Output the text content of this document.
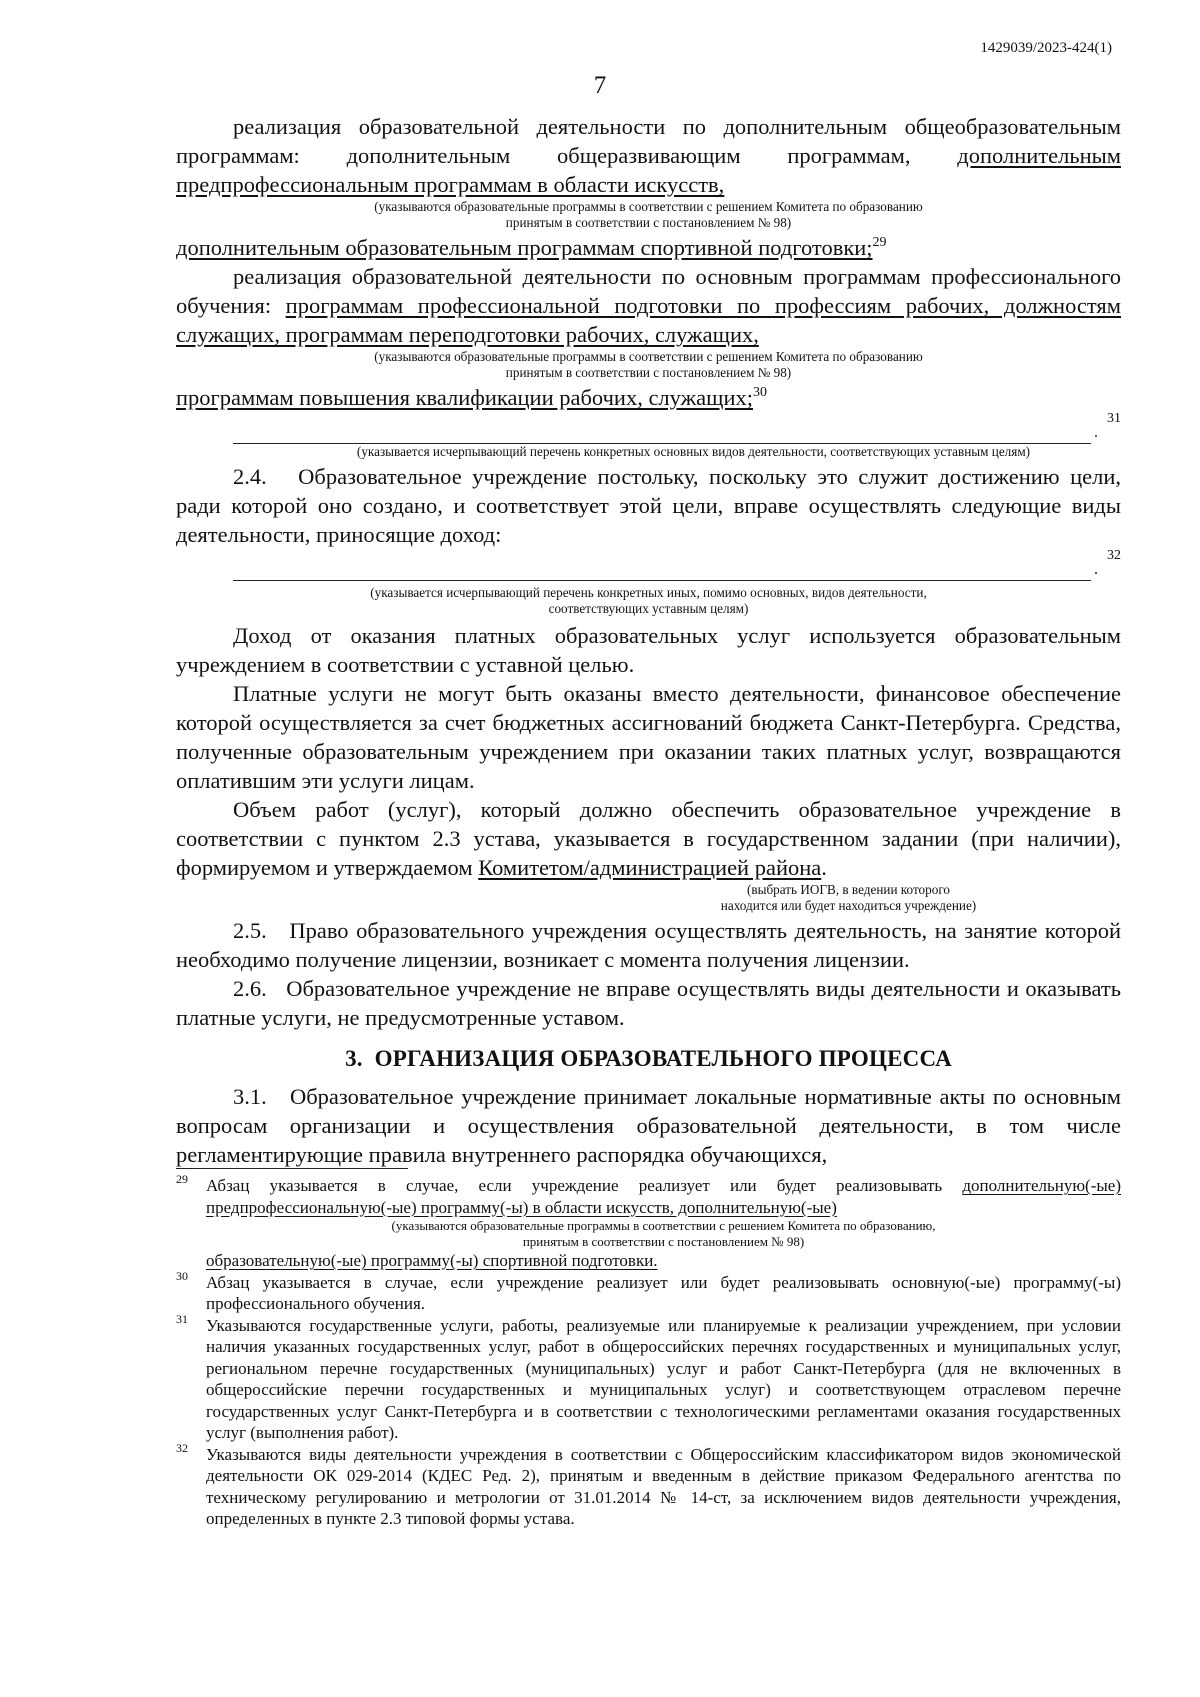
1429039/2023-424(1)
7

реализация образовательной деятельности по дополнительным общеобразовательным программам: дополнительным общеразвивающим программам, дополнительным предпрофессиональным программам в области искусств,

(указываются образовательные программы в соответствии с решением Комитета по образованию
принятым в соответствии с постановлением № 98)

дополнительным образовательным программам спортивной подготовки;$^{29}$

реализация образовательной деятельности по основным программам профессионального обучения: программам профессиональной подготовки по профессиям рабочих, должностям служащих, программам переподготовки рабочих, служащих,

(указываются образовательные программы в соответствии с решением Комитета по образованию
принятым в соответствии с постановлением № 98)

программам повышения квалификации рабочих, служащих;$^{30}$

31
.
(указывается исчерпывающий перечень конкретных основных видов деятельности, соответствующих уставным целям)

2.4.   Образовательное учреждение постольку, поскольку это служит достижению цели, ради которой оно создано, и соответствует этой цели, вправе осуществлять следующие виды деятельности, приносящие доход:

32
.
(указывается исчерпывающий перечень конкретных иных, помимо основных, видов деятельности,
соответствующих уставным целям)

Доход от оказания платных образовательных услуг используется образовательным учреждением в соответствии с уставной целью.

Платные услуги не могут быть оказаны вместо деятельности, финансовое обеспечение которой осуществляется за счет бюджетных ассигнований бюджета Санкт-Петербурга. Средства, полученные образовательным учреждением при оказании таких платных услуг, возвращаются оплатившим эти услуги лицам.

Объем работ (услуг), который должно обеспечить образовательное учреждение в соответствии с пунктом 2.3 устава, указывается в государственном задании (при наличии), формируемом и утверждаемом Комитетом/администрацией района.

(выбрать ИОГВ, в ведении которого
находится или будет находиться учреждение)

2.5.   Право образовательного учреждения осуществлять деятельность, на занятие которой необходимо получение лицензии, возникает с момента получения лицензии.

2.6.   Образовательное учреждение не вправе осуществлять виды деятельности и оказывать платные услуги, не предусмотренные уставом.

3.  ОРГАНИЗАЦИЯ ОБРАЗОВАТЕЛЬНОГО ПРОЦЕССА

3.1.   Образовательное учреждение принимает локальные нормативные акты по основным вопросам организации и осуществления образовательной деятельности, в том числе регламентирующие правила внутреннего распорядка обучающихся,

29 Абзац указывается в случае, если учреждение реализует или будет реализовывать дополнительную(-ые) предпрофессиональную(-ые) программу(-ы) в области искусств, дополнительную(-ые)
(указываются образовательные программы в соответствии с решением Комитета по образованию,
принятым в соответствии с постановлением № 98)
образовательную(-ые) программу(-ы) спортивной подготовки.
30 Абзац указывается в случае, если учреждение реализует или будет реализовывать основную(-ые) программу(-ы) профессионального обучения.
31 Указываются государственные услуги, работы, реализуемые или планируемые к реализации учреждением, при условии наличия указанных государственных услуг, работ в общероссийских перечнях государственных и муниципальных услуг, региональном перечне государственных (муниципальных) услуг и работ Санкт-Петербурга (для не включенных в общероссийские перечни государственных и муниципальных услуг) и соответствующем отраслевом перечне государственных услуг Санкт-Петербурга и в соответствии с технологическими регламентами оказания государственных услуг (выполнения работ).
32 Указываются виды деятельности учреждения в соответствии с Общероссийским классификатором видов экономической деятельности ОК 029-2014 (КДЕС Ред. 2), принятым и введенным в действие приказом Федерального агентства по техническому регулированию и метрологии от 31.01.2014 № 14-ст, за исключением видов деятельности учреждения, определенных в пункте 2.3 типовой формы устава.
